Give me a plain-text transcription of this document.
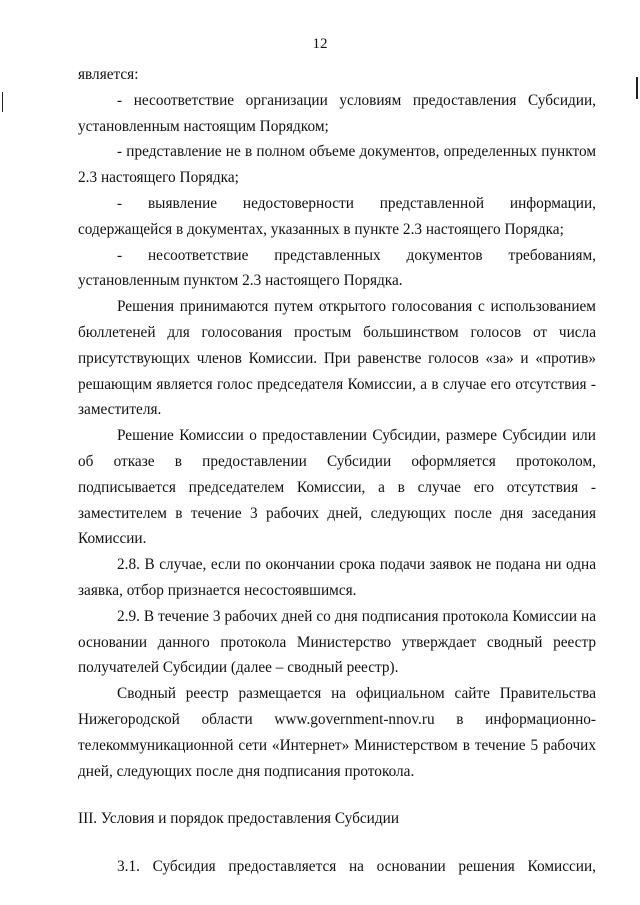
12

является:

- несоответствие организации условиям предоставления Субсидии,

установленным настоящим Порядком;

- представление не в полном объеме документов, определенных пунктом

2.3 настоящего Порядка;

- выявление недостоверности представленной информации,

содержащейся в документах, указанных в пункте 2.3 настоящего Порядка;

- несоответствие представленных документов требованиям,

установленным пунктом 2.3 настоящего Порядка.

Решения принимаются путем открытого голосования с использованием бюллетеней для голосования простым большинством голосов от числа присутствующих членов Комиссии. При равенстве голосов «за» и «против» решающим является голос председателя Комиссии, а в случае его отсутствия - заместителя.

Решение Комиссии о предоставлении Субсидии, размере Субсидии или об отказе в предоставлении Субсидии оформляется протоколом, подписывается председателем Комиссии, а в случае его отсутствия - заместителем в течение 3 рабочих дней, следующих после дня заседания Комиссии.

2.8. В случае, если по окончании срока подачи заявок не подана ни одна заявка, отбор признается несостоявшимся.

2.9. В течение 3 рабочих дней со дня подписания протокола Комиссии на основании данного протокола Министерство утверждает сводный реестр получателей Субсидии (далее – сводный реестр).

Сводный реестр размещается на официальном сайте Правительства Нижегородской области www.government-nnov.ru в информационно-телекоммуникационной сети «Интернет» Министерством в течение 5 рабочих дней, следующих после дня подписания протокола.

III. Условия и порядок предоставления Субсидии

3.1. Субсидия предоставляется на основании решения Комиссии,
